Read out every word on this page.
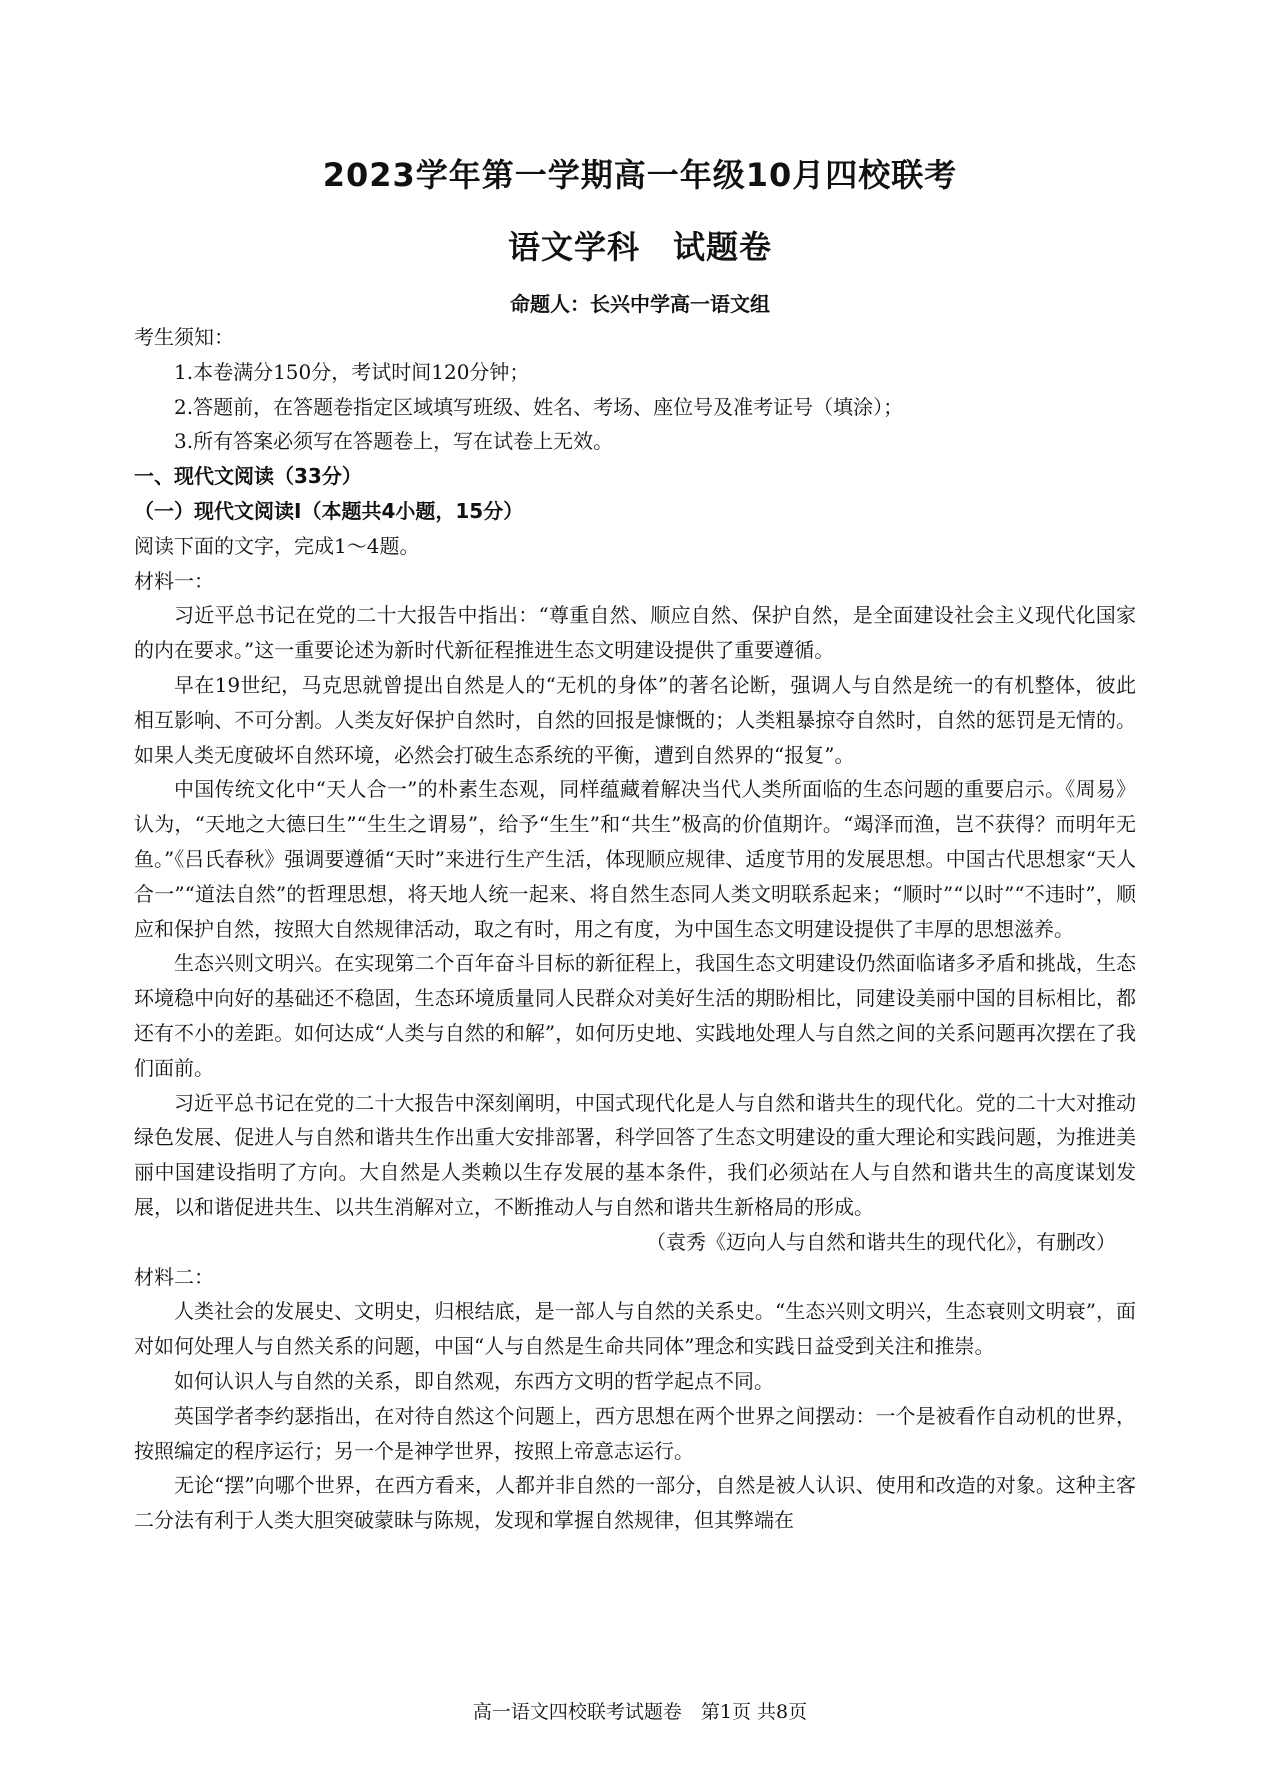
2023学年第一学期高一年级10月四校联考
语文学科　试题卷
命题人：长兴中学高一语文组

考生须知：

1.本卷满分150分，考试时间120分钟；

2.答题前，在答题卷指定区域填写班级、姓名、考场、座位号及准考证号（填涂）；

3.所有答案必须写在答题卷上，写在试卷上无效。

一、现代文阅读（33分）

（一）现代文阅读Ⅰ（本题共4小题，15分）

阅读下面的文字，完成1～4题。

材料一：

习近平总书记在党的二十大报告中指出：“尊重自然、顺应自然、保护自然，是全面建设社会主义现代化国家的内在要求。”这一重要论述为新时代新征程推进生态文明建设提供了重要遵循。

早在19世纪，马克思就曾提出自然是人的“无机的身体”的著名论断，强调人与自然是统一的有机整体，彼此相互影响、不可分割。人类友好保护自然时，自然的回报是慷慨的；人类粗暴掠夺自然时，自然的惩罚是无情的。如果人类无度破坏自然环境，必然会打破生态系统的平衡，遭到自然界的“报复”。

中国传统文化中“天人合一”的朴素生态观，同样蕴藏着解决当代人类所面临的生态问题的重要启示。《周易》认为，“天地之大德曰生”“生生之谓易”，给予“生生”和“共生”极高的价值期许。“竭泽而渔，岂不获得？而明年无鱼。”《吕氏春秋》强调要遵循“天时”来进行生产生活，体现顺应规律、适度节用的发展思想。中国古代思想家“天人合一”“道法自然”的哲理思想，将天地人统一起来、将自然生态同人类文明联系起来；“顺时”“以时”“不违时”，顺应和保护自然，按照大自然规律活动，取之有时，用之有度，为中国生态文明建设提供了丰厚的思想滋养。

生态兴则文明兴。在实现第二个百年奋斗目标的新征程上，我国生态文明建设仍然面临诸多矛盾和挑战，生态环境稳中向好的基础还不稳固，生态环境质量同人民群众对美好生活的期盼相比，同建设美丽中国的目标相比，都还有不小的差距。如何达成“人类与自然的和解”，如何历史地、实践地处理人与自然之间的关系问题再次摆在了我们面前。

习近平总书记在党的二十大报告中深刻阐明，中国式现代化是人与自然和谐共生的现代化。党的二十大对推动绿色发展、促进人与自然和谐共生作出重大安排部署，科学回答了生态文明建设的重大理论和实践问题，为推进美丽中国建设指明了方向。大自然是人类赖以生存发展的基本条件，我们必须站在人与自然和谐共生的高度谋划发展，以和谐促进共生、以共生消解对立，不断推动人与自然和谐共生新格局的形成。

（袁秀《迈向人与自然和谐共生的现代化》，有删改）

材料二：

人类社会的发展史、文明史，归根结底，是一部人与自然的关系史。“生态兴则文明兴，生态衰则文明衰”，面对如何处理人与自然关系的问题，中国“人与自然是生命共同体”理念和实践日益受到关注和推崇。

如何认识人与自然的关系，即自然观，东西方文明的哲学起点不同。

英国学者李约瑟指出，在对待自然这个问题上，西方思想在两个世界之间摆动：一个是被看作自动机的世界，按照编定的程序运行；另一个是神学世界，按照上帝意志运行。

无论“摆”向哪个世界，在西方看来，人都并非自然的一部分，自然是被人认识、使用和改造的对象。这种主客二分法有利于人类大胆突破蒙昧与陈规，发现和掌握自然规律，但其弊端在

高一语文四校联考试题卷　第1页 共8页
